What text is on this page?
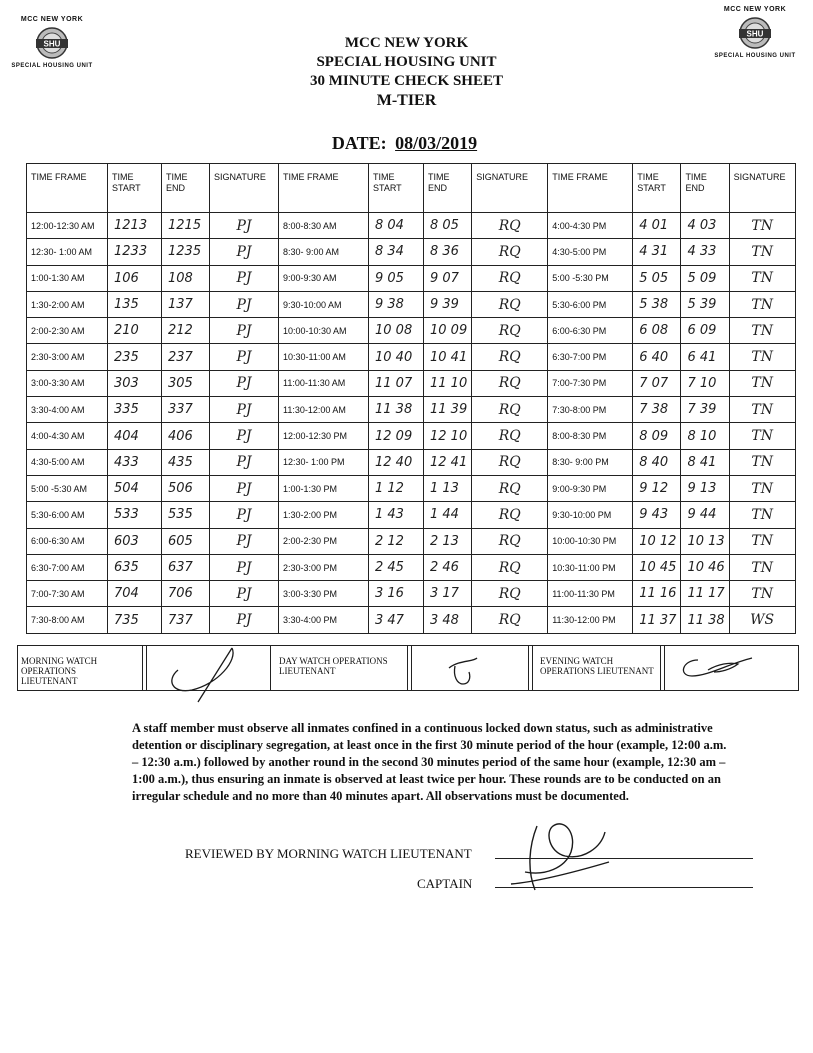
MCC NEW YORK
SHU
SPECIAL HOUSING UNIT
MCC NEW YORK
SHU
SPECIAL HOUSING UNIT
MCC NEW YORK
SPECIAL HOUSING UNIT
30 MINUTE CHECK SHEET
M-TIER
DATE: 08/03/2019
TIME FRAME	TIME START	TIME END	SIGNATURE	TIME FRAME	TIME START	TIME END	SIGNATURE	TIME FRAME	TIME START	TIME END	SIGNATURE
12:00-12:30 AM	1213	1215	PJ	8:00-8:30 AM	8 04	8 05	RQ	4:00-4:30 PM	4 01	4 03	TN
12:30- 1:00 AM	1233	1235	PJ	8:30- 9:00 AM	8 34	8 36	RQ	4:30-5:00 PM	4 31	4 33	TN
1:00-1:30 AM	106	108	PJ	9:00-9:30 AM	9 05	9 07	RQ	5:00 -5:30 PM	5 05	5 09	TN
1:30-2:00 AM	135	137	PJ	9:30-10:00 AM	9 38	9 39	RQ	5:30-6:00 PM	5 38	5 39	TN
2:00-2:30 AM	210	212	PJ	10:00-10:30 AM	10 08	10 09	RQ	6:00-6:30 PM	6 08	6 09	TN
2:30-3:00 AM	235	237	PJ	10:30-11:00 AM	10 40	10 41	RQ	6:30-7:00 PM	6 40	6 41	TN
3:00-3:30 AM	303	305	PJ	11:00-11:30 AM	11 07	11 10	RQ	7:00-7:30 PM	7 07	7 10	TN
3:30-4:00 AM	335	337	PJ	11:30-12:00 AM	11 38	11 39	RQ	7:30-8:00 PM	7 38	7 39	TN
4:00-4:30 AM	404	406	PJ	12:00-12:30 PM	12 09	12 10	RQ	8:00-8:30 PM	8 09	8 10	TN
4:30-5:00 AM	433	435	PJ	12:30- 1:00 PM	12 40	12 41	RQ	8:30- 9:00 PM	8 40	8 41	TN
5:00 -5:30 AM	504	506	PJ	1:00-1:30 PM	1 12	1 13	RQ	9:00-9:30 PM	9 12	9 13	TN
5:30-6:00 AM	533	535	PJ	1:30-2:00 PM	1 43	1 44	RQ	9:30-10:00 PM	9 43	9 44	TN
6:00-6:30 AM	603	605	PJ	2:00-2:30 PM	2 12	2 13	RQ	10:00-10:30 PM	10 12	10 13	TN
6:30-7:00 AM	635	637	PJ	2:30-3:00 PM	2 45	2 46	RQ	10:30-11:00 PM	10 45	10 46	TN
7:00-7:30 AM	704	706	PJ	3:00-3:30 PM	3 16	3 17	RQ	11:00-11:30 PM	11 16	11 17	TN
7:30-8:00 AM	735	737	PJ	3:30-4:00 PM	3 47	3 48	RQ	11:30-12:00 PM	11 37	11 38	WS
MORNING WATCH OPERATIONS LIEUTENANT
DAY WATCH OPERATIONS LIEUTENANT
EVENING WATCH OPERATIONS LIEUTENANT
A staff member must observe all inmates confined in a continuous locked down status, such as administrative detention or disciplinary segregation, at least once in the first 30 minute period of the hour (example, 12:00 a.m. – 12:30 a.m.) followed by another round in the second 30 minutes period of the same hour (example, 12:30 am – 1:00 a.m.), thus ensuring an inmate is observed at least twice per hour. These rounds are to be conducted on an irregular schedule and no more than 40 minutes apart. All observations must be documented.
REVIEWED BY MORNING WATCH LIEUTENANT
CAPTAIN
